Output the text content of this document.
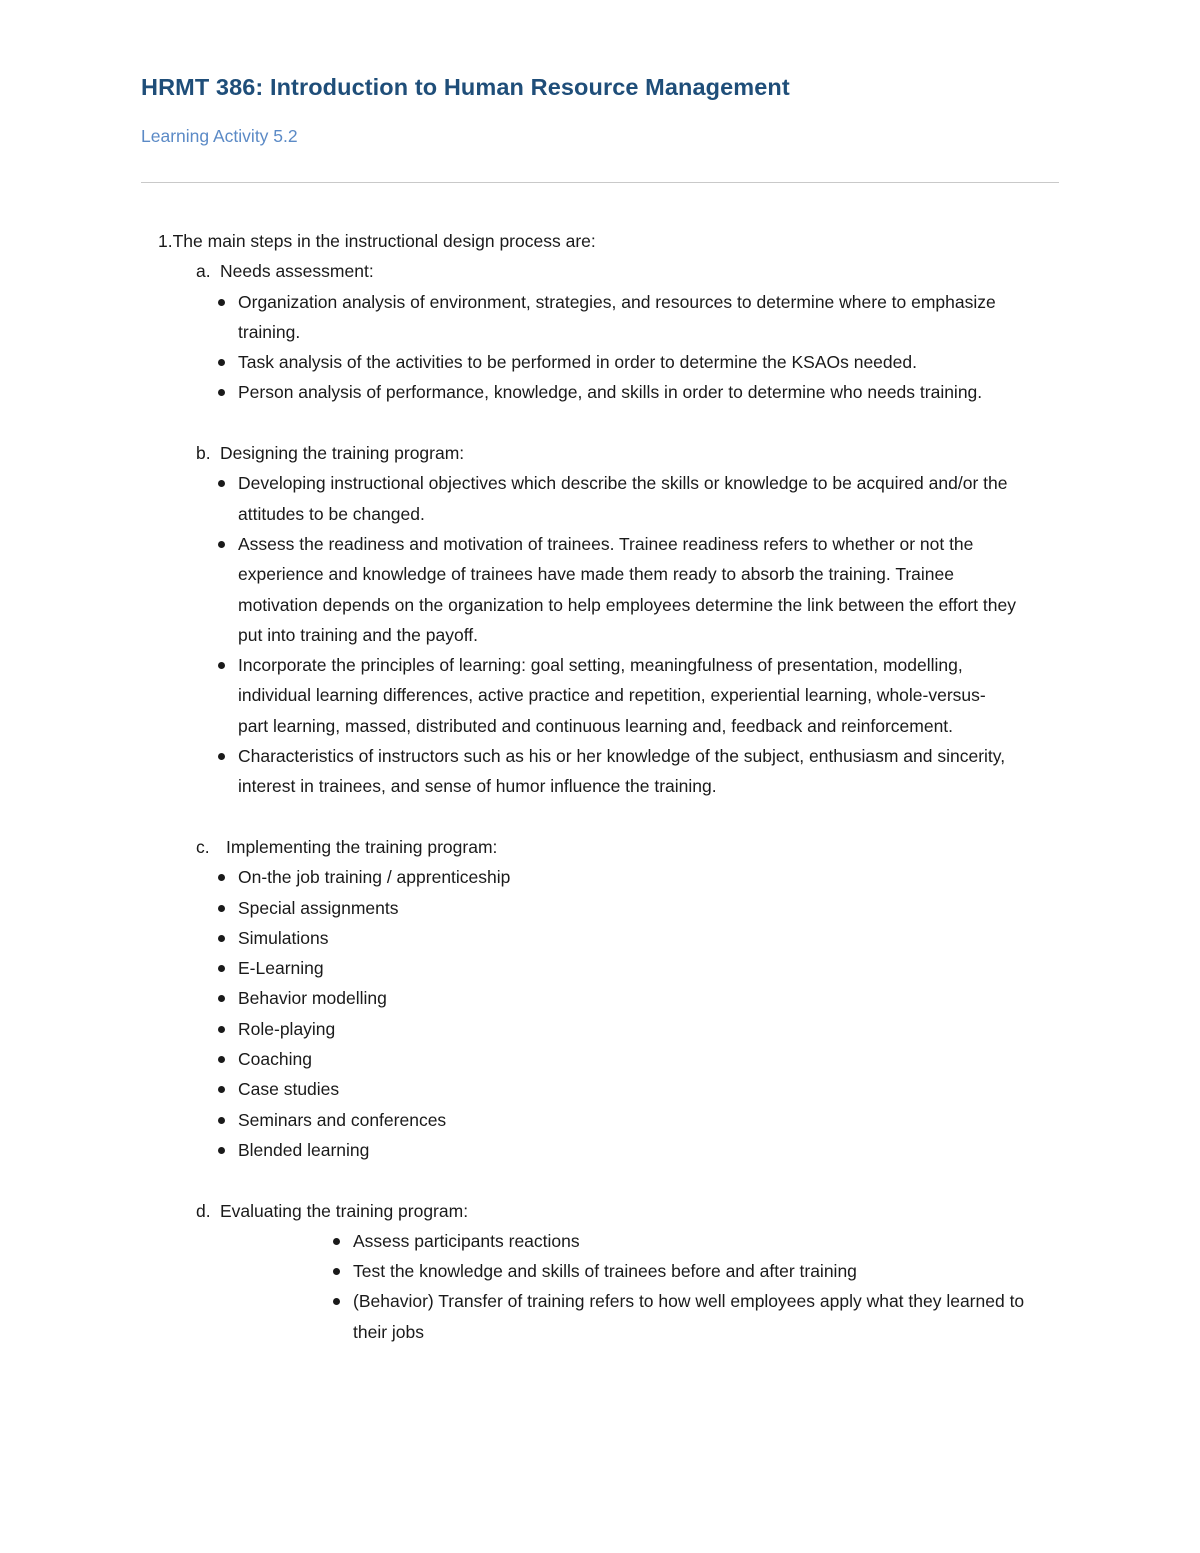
HRMT 386: Introduction to Human Resource Management
Learning Activity 5.2
1.The main steps in the instructional design process are:
a. Needs assessment:
Organization analysis of environment, strategies, and resources to determine where to emphasize training.
Task analysis of the activities to be performed in order to determine the KSAOs needed.
Person analysis of performance, knowledge, and skills in order to determine who needs training.
b. Designing the training program:
Developing instructional objectives which describe the skills or knowledge to be acquired and/or the attitudes to be changed.
Assess the readiness and motivation of trainees. Trainee readiness refers to whether or not the experience and knowledge of trainees have made them ready to absorb the training. Trainee motivation depends on the organization to help employees determine the link between the effort they put into training and the payoff.
Incorporate the principles of learning: goal setting, meaningfulness of presentation, modelling, individual learning differences, active practice and repetition, experiential learning, whole-versus-part learning, massed, distributed and continuous learning and, feedback and reinforcement.
Characteristics of instructors such as his or her knowledge of the subject, enthusiasm and sincerity, interest in trainees, and sense of humor influence the training.
c. Implementing the training program:
On-the job training / apprenticeship
Special assignments
Simulations
E-Learning
Behavior modelling
Role-playing
Coaching
Case studies
Seminars and conferences
Blended learning
d. Evaluating the training program:
Assess participants reactions
Test the knowledge and skills of trainees before and after training
(Behavior) Transfer of training refers to how well employees apply what they learned to their jobs
